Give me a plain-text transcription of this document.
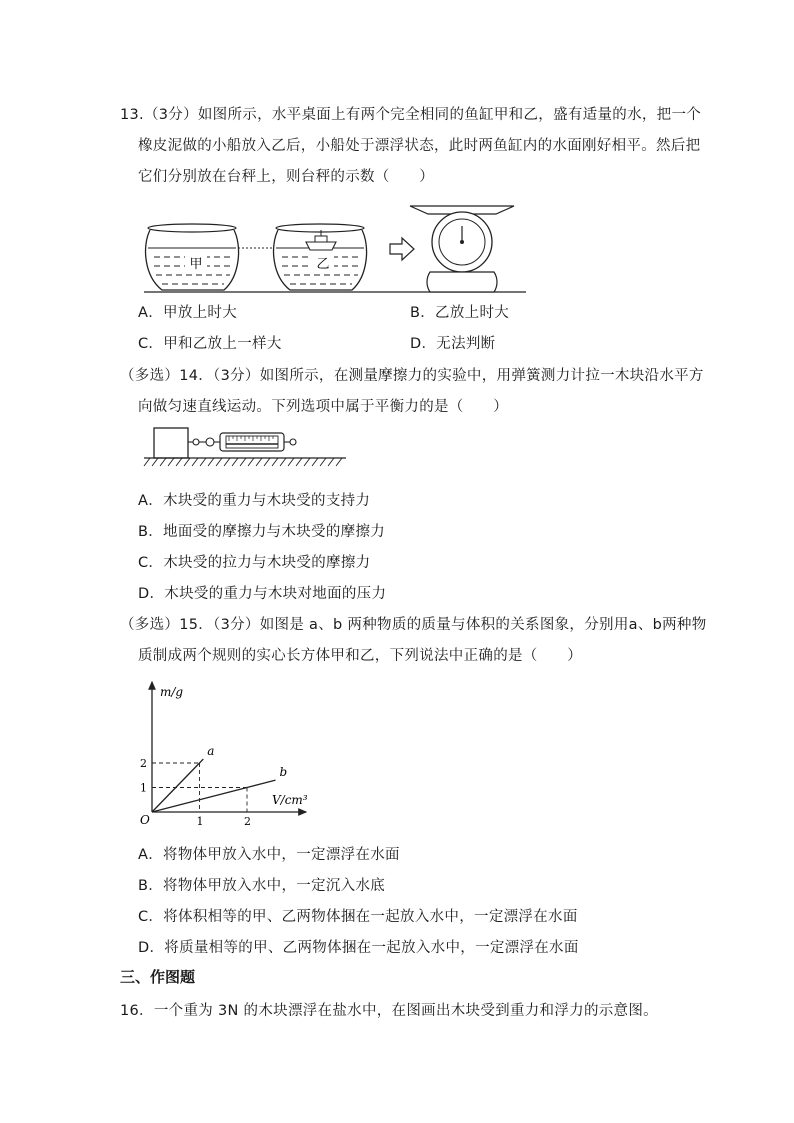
13.（3分）如图所示，水平桌面上有两个完全相同的鱼缸甲和乙，盛有适量的水，把一个
橡皮泥做的小船放入乙后，小船处于漂浮状态，此时两鱼缸内的水面刚好相平。然后把
它们分别放在台秤上，则台秤的示数（　　）
甲	乙
A．甲放上时大	B．乙放上时大
C．甲和乙放上一样大	D．无法判断
（多选）14．（3分）如图所示，在测量摩擦力的实验中，用弹簧测力计拉一木块沿水平方
向做匀速直线运动。下列选项中属于平衡力的是（　　）
A．木块受的重力与木块受的支持力
B．地面受的摩擦力与木块受的摩擦力
C．木块受的拉力与木块受的摩擦力
D．木块受的重力与木块对地面的压力
（多选）15．（3分）如图是 a、b 两种物质的质量与体积的关系图象，分别用a、b两种物
质制成两个规则的实心长方体甲和乙，下列说法中正确的是（　　）
m/g
V/cm³
O	1	2
1
2
a
b
A．将物体甲放入水中，一定漂浮在水面
B．将物体甲放入水中，一定沉入水底
C．将体积相等的甲、乙两物体捆在一起放入水中，一定漂浮在水面
D．将质量相等的甲、乙两物体捆在一起放入水中，一定漂浮在水面
三、作图题
16．一个重为 3N 的木块漂浮在盐水中，在图画出木块受到重力和浮力的示意图。
